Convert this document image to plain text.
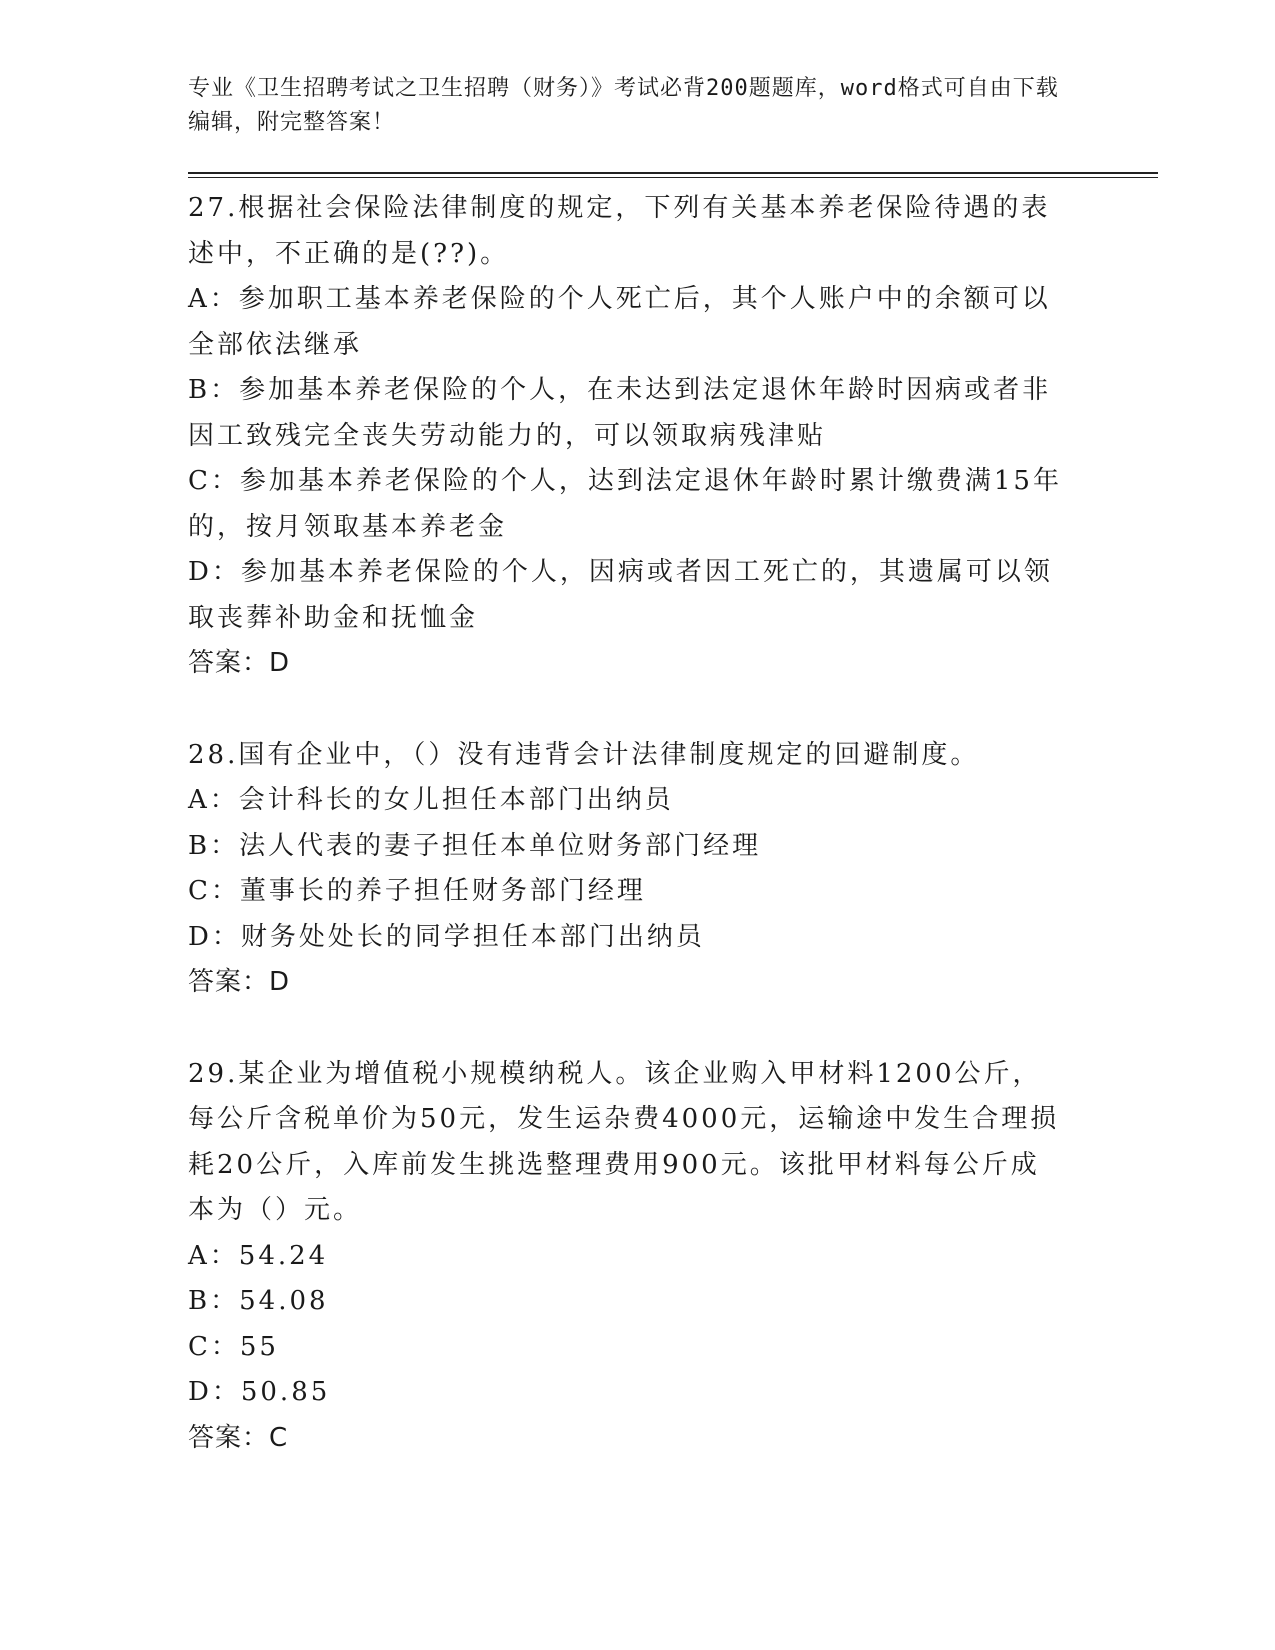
专业《卫生招聘考试之卫生招聘（财务）》考试必背200题题库，word格式可自由下载编辑，附完整答案！

27.根据社会保险法律制度的规定，下列有关基本养老保险待遇的表述中，不正确的是(??)。

A：参加职工基本养老保险的个人死亡后，其个人账户中的余额可以全部依法继承

B：参加基本养老保险的个人，在未达到法定退休年龄时因病或者非因工致残完全丧失劳动能力的，可以领取病残津贴

C：参加基本养老保险的个人，达到法定退休年龄时累计缴费满15年的，按月领取基本养老金

D：参加基本养老保险的个人，因病或者因工死亡的，其遗属可以领取丧葬补助金和抚恤金

答案：D

28.国有企业中，（）没有违背会计法律制度规定的回避制度。

A：会计科长的女儿担任本部门出纳员

B：法人代表的妻子担任本单位财务部门经理

C：董事长的养子担任财务部门经理

D：财务处处长的同学担任本部门出纳员

答案：D

29.某企业为增值税小规模纳税人。该企业购入甲材料1200公斤，每公斤含税单价为50元，发生运杂费4000元，运输途中发生合理损耗20公斤，入库前发生挑选整理费用900元。该批甲材料每公斤成本为（）元。

A：54.24

B：54.08

C：55

D：50.85

答案：C
